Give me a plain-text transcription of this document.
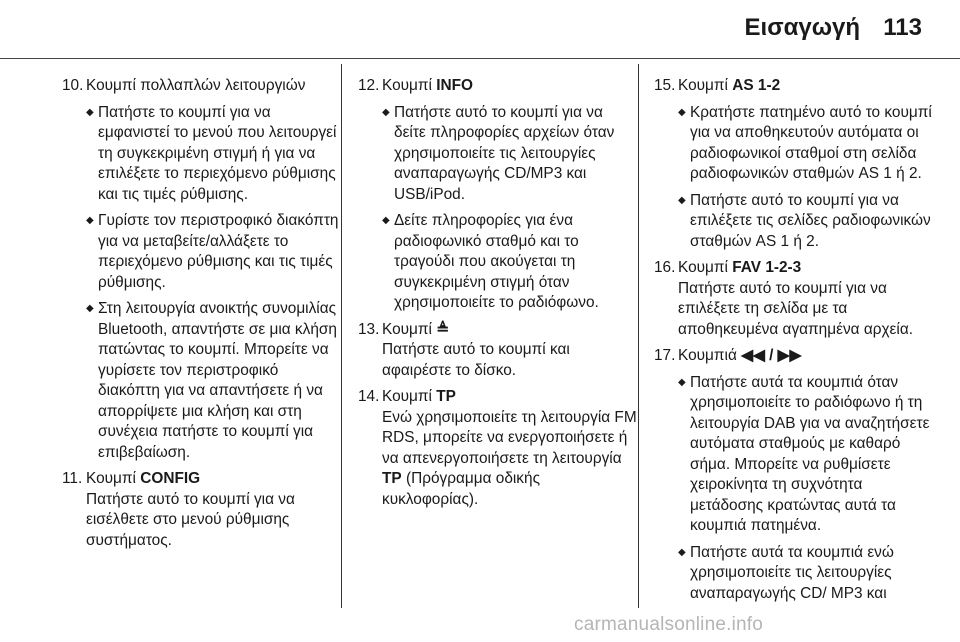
Εισαγωγή 113
10. Κουμπί πολλαπλών λειτουργιών
◆ Πατήστε το κουμπί για να εμφανιστεί το μενού που λειτουργεί τη συγκεκριμένη στιγμή ή για να επιλέξετε το περιεχόμενο ρύθμισης και τις τιμές ρύθμισης.
◆ Γυρίστε τον περιστροφικό διακόπτη για να μεταβείτε/αλλάξετε το περιεχόμενο ρύθμισης και τις τιμές ρύθμισης.
◆ Στη λειτουργία ανοικτής συνομιλίας Bluetooth, απαντήστε σε μια κλήση πατώντας το κουμπί. Μπορείτε να γυρίσετε τον περιστροφικό διακόπτη για να απαντήσετε ή να απορρίψετε μια κλήση και στη συνέχεια πατήστε το κουμπί για επιβεβαίωση.
11. Κουμπί CONFIG
Πατήστε αυτό το κουμπί για να εισέλθετε στο μενού ρύθμισης συστήματος.
12. Κουμπί INFO
◆ Πατήστε αυτό το κουμπί για να δείτε πληροφορίες αρχείων όταν χρησιμοποιείτε τις λειτουργίες αναπαραγωγής CD/MP3 και USB/iPod.
◆ Δείτε πληροφορίες για ένα ραδιοφωνικό σταθμό και το τραγούδι που ακούγεται τη συγκεκριμένη στιγμή όταν χρησιμοποιείτε το ραδιόφωνο.
13. Κουμπί ≜
Πατήστε αυτό το κουμπί και αφαιρέστε το δίσκο.
14. Κουμπί TP
Ενώ χρησιμοποιείτε τη λειτουργία FM RDS, μπορείτε να ενεργοποιήσετε ή να απενεργοποιήσετε τη λειτουργία TP (Πρόγραμμα οδικής κυκλοφορίας).
15. Κουμπί AS 1-2
◆ Κρατήστε πατημένο αυτό το κουμπί για να αποθηκευτούν αυτόματα οι ραδιοφωνικοί σταθμοί στη σελίδα ραδιοφωνικών σταθμών AS 1 ή 2.
◆ Πατήστε αυτό το κουμπί για να επιλέξετε τις σελίδες ραδιοφωνικών σταθμών AS 1 ή 2.
16. Κουμπί FAV 1-2-3
Πατήστε αυτό το κουμπί για να επιλέξετε τη σελίδα με τα αποθηκευμένα αγαπημένα αρχεία.
17. Κουμπιά ◀◀ / ▶▶
◆ Πατήστε αυτά τα κουμπιά όταν χρησιμοποιείτε το ραδιόφωνο ή τη λειτουργία DAB για να αναζητήσετε αυτόματα σταθμούς με καθαρό σήμα. Μπορείτε να ρυθμίσετε χειροκίνητα τη συχνότητα μετάδοσης κρατώντας αυτά τα κουμπιά πατημένα.
◆ Πατήστε αυτά τα κουμπιά ενώ χρησιμοποιείτε τις λειτουργίες αναπαραγωγής CD/ MP3 και
carmanualsonline.info
